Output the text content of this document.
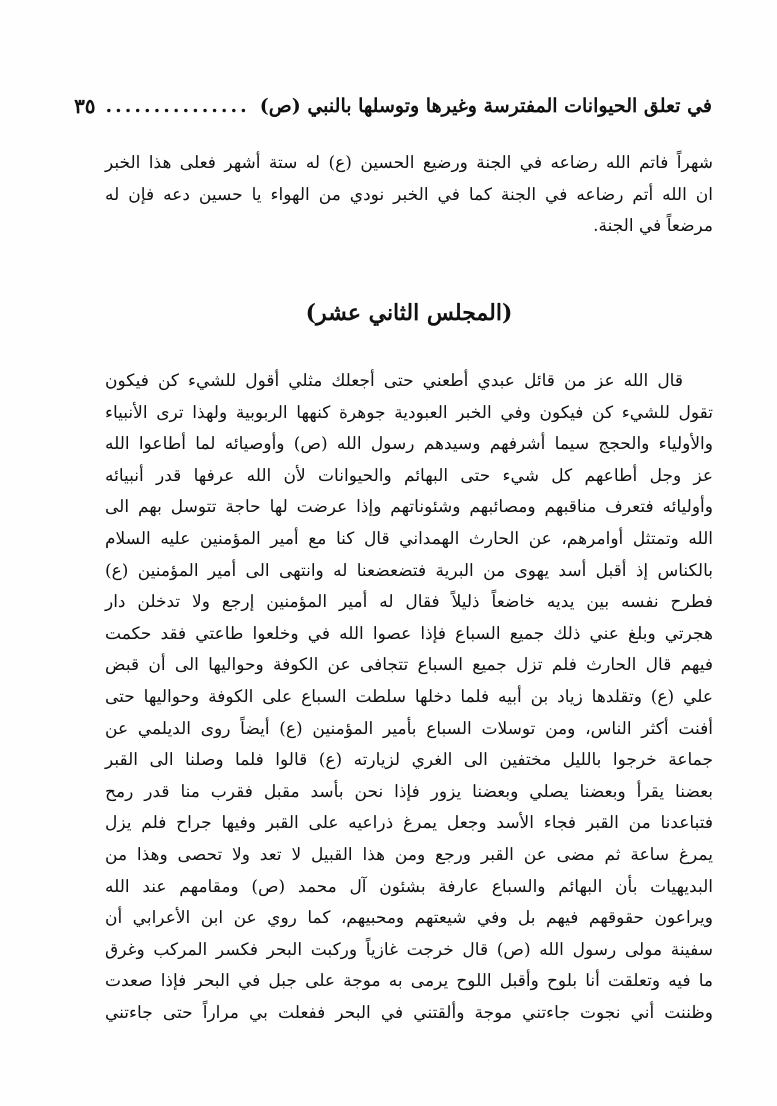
في تعلق الحيوانات المفترسة وغيرها وتوسلها بالنبي (ص)
...............
٣٥
شهراً فاتم الله رضاعه في الجنة ورضيع الحسين (ع) له ستة أشهر فعلى هذا الخبر
ان الله أتم رضاعه في الجنة كما في الخبر نودي من الهواء يا حسين دعه فإن له
مرضعاً في الجنة.
(المجلس الثاني عشر)
قال الله عز من قائل عبدي أطعني حتى أجعلك مثلي أقول للشيء كن فيكون
تقول للشيء كن فيكون وفي الخبر العبودية جوهرة كنهها الربوبية ولهذا ترى الأنبياء
والأولياء والحجج سيما أشرفهم وسيدهم رسول الله (ص) وأوصيائه لما أطاعوا الله
عز وجل أطاعهم كل شيء حتى البهائم والحيوانات لأن الله عرفها قدر أنبيائه
وأوليائه فتعرف مناقبهم ومصائبهم وشئوناتهم وإذا عرضت لها حاجة تتوسل بهم الى
الله وتمتثل أوامرهم، عن الحارث الهمداني قال كنا مع أمير المؤمنين عليه السلام
بالكناس إذ أقبل أسد يهوى من البرية فتضعضعنا له وانتهى الى أمير المؤمنين (ع)
فطرح نفسه بين يديه خاضعاً ذليلاً فقال له أمير المؤمنين إرجع ولا تدخلن دار
هجرتي وبلغ عني ذلك جميع السباع فإذا عصوا الله في وخلعوا طاعتي فقد حكمت
فيهم قال الحارث فلم تزل جميع السباع تتجافى عن الكوفة وحواليها الى أن قبض
علي (ع) وتقلدها زياد بن أبيه فلما دخلها سلطت السباع على الكوفة وحواليها حتى
أفنت أكثر الناس، ومن توسلات السباع بأمير المؤمنين (ع) أيضاً روى الديلمي عن
جماعة خرجوا بالليل مختفين الى الغري لزيارته (ع) قالوا فلما وصلنا الى القبر
بعضنا يقرأ وبعضنا يصلي وبعضنا يزور فإذا نحن بأسد مقبل فقرب منا قدر رمح
فتباعدنا من القبر فجاء الأسد وجعل يمرغ ذراعيه على القبر وفيها جراح فلم يزل
يمرغ ساعة ثم مضى عن القبر ورجع ومن هذا القبيل لا تعد ولا تحصى وهذا من
البديهيات بأن البهائم والسباع عارفة بشئون آل محمد (ص) ومقامهم عند الله
ويراعون حقوقهم فيهم بل وفي شيعتهم ومحبيهم، كما روي عن ابن الأعرابي أن
سفينة مولى رسول الله (ص) قال خرجت غازياً وركبت البحر فكسر المركب وغرق
ما فيه وتعلقت أنا بلوح وأقبل اللوح يرمى به موجة على جبل في البحر فإذا صعدت
وظننت أني نجوت جاءتني موجة وألقتني في البحر ففعلت بي مراراً حتى جاءتني
